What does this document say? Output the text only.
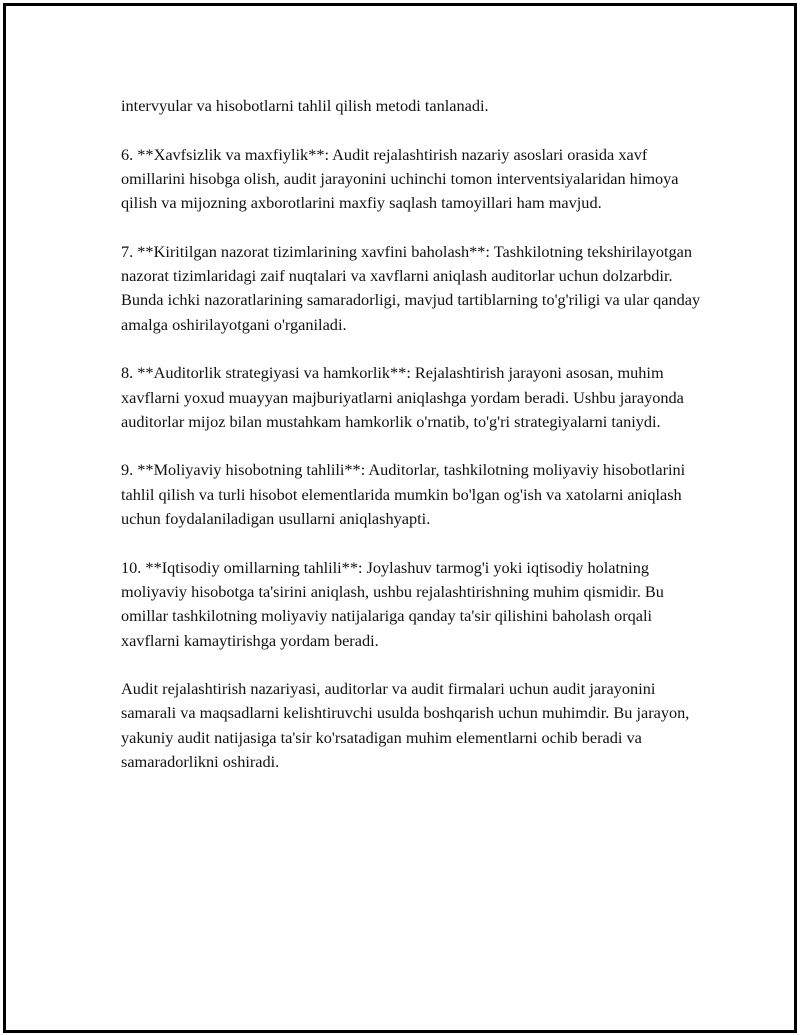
intervyular va hisobotlarni tahlil qilish metodi tanlanadi.

6. **Xavfsizlik va maxfiylik**: Audit rejalashtirish nazariy asoslari orasida xavf omillarini hisobga olish, audit jarayonini uchinchi tomon interventsiyalaridan himoya qilish va mijozning axborotlarini maxfiy saqlash tamoyillari ham mavjud.

7. **Kiritilgan nazorat tizimlarining xavfini baholash**: Tashkilotning tekshirilayotgan nazorat tizimlaridagi zaif nuqtalari va xavflarni aniqlash auditorlar uchun dolzarbdir. Bunda ichki nazoratlarining samaradorligi, mavjud tartiblarning to'g'riligi va ular qanday amalga oshirilayotgani o'rganiladi.

8. **Auditorlik strategiyasi va hamkorlik**: Rejalashtirish jarayoni asosan, muhim xavflarni yoxud muayyan majburiyatlarni aniqlashga yordam beradi. Ushbu jarayonda auditorlar mijoz bilan mustahkam hamkorlik o'rnatib, to'g'ri strategiyalarni taniydi.

9. **Moliyaviy hisobotning tahlili**: Auditorlar, tashkilotning moliyaviy hisobotlarini tahlil qilish va turli hisobot elementlarida mumkin bo'lgan og'ish va xatolarni aniqlash uchun foydalaniladigan usullarni aniqlashyapti.

10. **Iqtisodiy omillarning tahlili**: Joylashuv tarmog'i yoki iqtisodiy holatning moliyaviy hisobotga ta'sirini aniqlash, ushbu rejalashtirishning muhim qismidir. Bu omillar tashkilotning moliyaviy natijalariga qanday ta'sir qilishini baholash orqali xavflarni kamaytirishga yordam beradi.

Audit rejalashtirish nazariyasi, auditorlar va audit firmalari uchun audit jarayonini samarali va maqsadlarni kelishtiruvchi usulda boshqarish uchun muhimdir. Bu jarayon, yakuniy audit natijasiga ta'sir ko'rsatadigan muhim elementlarni ochib beradi va samaradorlikni oshiradi.
